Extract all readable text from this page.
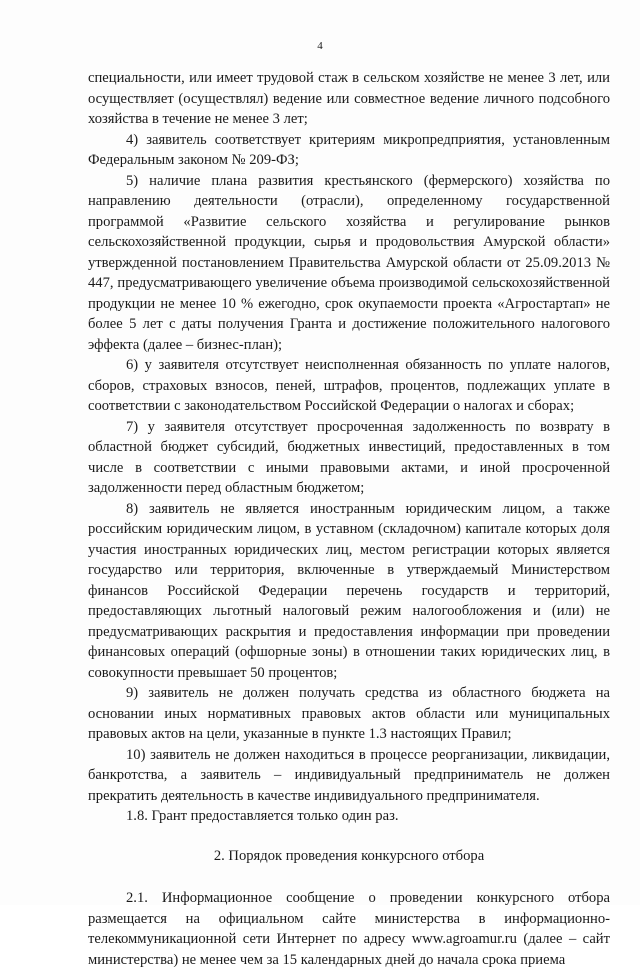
4

специальности, или имеет трудовой стаж в сельском хозяйстве не менее 3 лет, или осуществляет (осуществлял) ведение или совместное ведение личного подсобного хозяйства в течение не менее 3 лет;

4) заявитель соответствует критериям микропредприятия, установленным Федеральным законом № 209-ФЗ;

5) наличие плана развития крестьянского (фермерского) хозяйства по направлению деятельности (отрасли), определенному государственной программой «Развитие сельского хозяйства и регулирование рынков сельскохозяйственной продукции, сырья и продовольствия Амурской области» утвержденной постановлением Правительства Амурской области от 25.09.2013 № 447, предусматривающего увеличение объема производимой сельскохозяйственной продукции не менее 10 % ежегодно, срок окупаемости проекта «Агростартап» не более 5 лет с даты получения Гранта и достижение положительного налогового эффекта (далее – бизнес-план);

6) у заявителя отсутствует неисполненная обязанность по уплате налогов, сборов, страховых взносов, пеней, штрафов, процентов, подлежащих уплате в соответствии с законодательством Российской Федерации о налогах и сборах;

7) у заявителя отсутствует просроченная задолженность по возврату в областной бюджет субсидий, бюджетных инвестиций, предоставленных в том числе в соответствии с иными правовыми актами, и иной просроченной задолженности перед областным бюджетом;

8) заявитель не является иностранным юридическим лицом, а также российским юридическим лицом, в уставном (складочном) капитале которых доля участия иностранных юридических лиц, местом регистрации которых является государство или территория, включенные в утверждаемый Министерством финансов Российской Федерации перечень государств и территорий, предоставляющих льготный налоговый режим налогообложения и (или) не предусматривающих раскрытия и предоставления информации при проведении финансовых операций (офшорные зоны) в отношении таких юридических лиц, в совокупности превышает 50 процентов;

9) заявитель не должен получать средства из областного бюджета на основании иных нормативных правовых актов области или муниципальных правовых актов на цели, указанные в пункте 1.3 настоящих Правил;

10) заявитель не должен находиться в процессе реорганизации, ликвидации, банкротства, а заявитель – индивидуальный предприниматель не должен прекратить деятельность в качестве индивидуального предпринимателя.

1.8. Грант предоставляется только один раз.

2. Порядок проведения конкурсного отбора

2.1. Информационное сообщение о проведении конкурсного отбора размещается на официальном сайте министерства в информационно-телекоммуникационной сети Интернет по адресу www.agroamur.ru (далее – сайт министерства) не менее чем за 15 календарных дней до начала срока приема
